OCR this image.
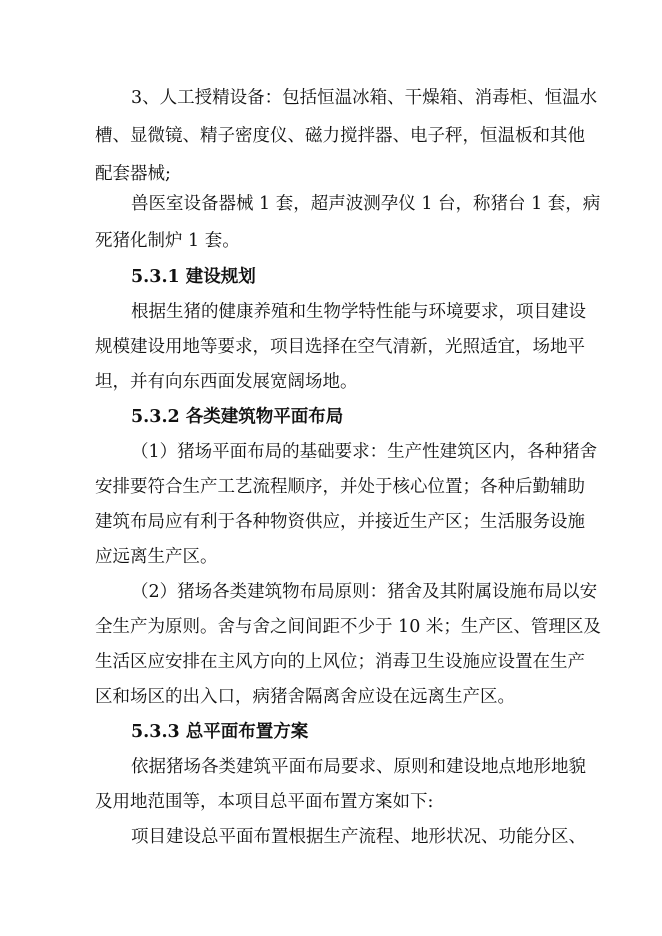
3、人工授精设备：包括恒温冰箱、干燥箱、消毒柜、恒温水
槽、显微镜、精子密度仪、磁力搅拌器、电子秤，恒温板和其他
配套器械;
兽医室设备器械 1 套，超声波测孕仪 1 台，称猪台 1 套，病
死猪化制炉 1 套。
5.3.1 建设规划
根据生猪的健康养殖和生物学特性能与环境要求，项目建设
规模建设用地等要求，项目选择在空气清新，光照适宜，场地平
坦，并有向东西面发展宽阔场地。
5.3.2 各类建筑物平面布局
（1）猪场平面布局的基础要求：生产性建筑区内，各种猪舍
安排要符合生产工艺流程顺序，并处于核心位置；各种后勤辅助
建筑布局应有利于各种物资供应，并接近生产区；生活服务设施
应远离生产区。
（2）猪场各类建筑物布局原则：猪舍及其附属设施布局以安
全生产为原则。舍与舍之间间距不少于 10 米；生产区、管理区及
生活区应安排在主风方向的上风位；消毒卫生设施应设置在生产
区和场区的出入口，病猪舍隔离舍应设在远离生产区。
5.3.3 总平面布置方案
依据猪场各类建筑平面布局要求、原则和建设地点地形地貌
及用地范围等，本项目总平面布置方案如下:
项目建设总平面布置根据生产流程、地形状况、功能分区、
